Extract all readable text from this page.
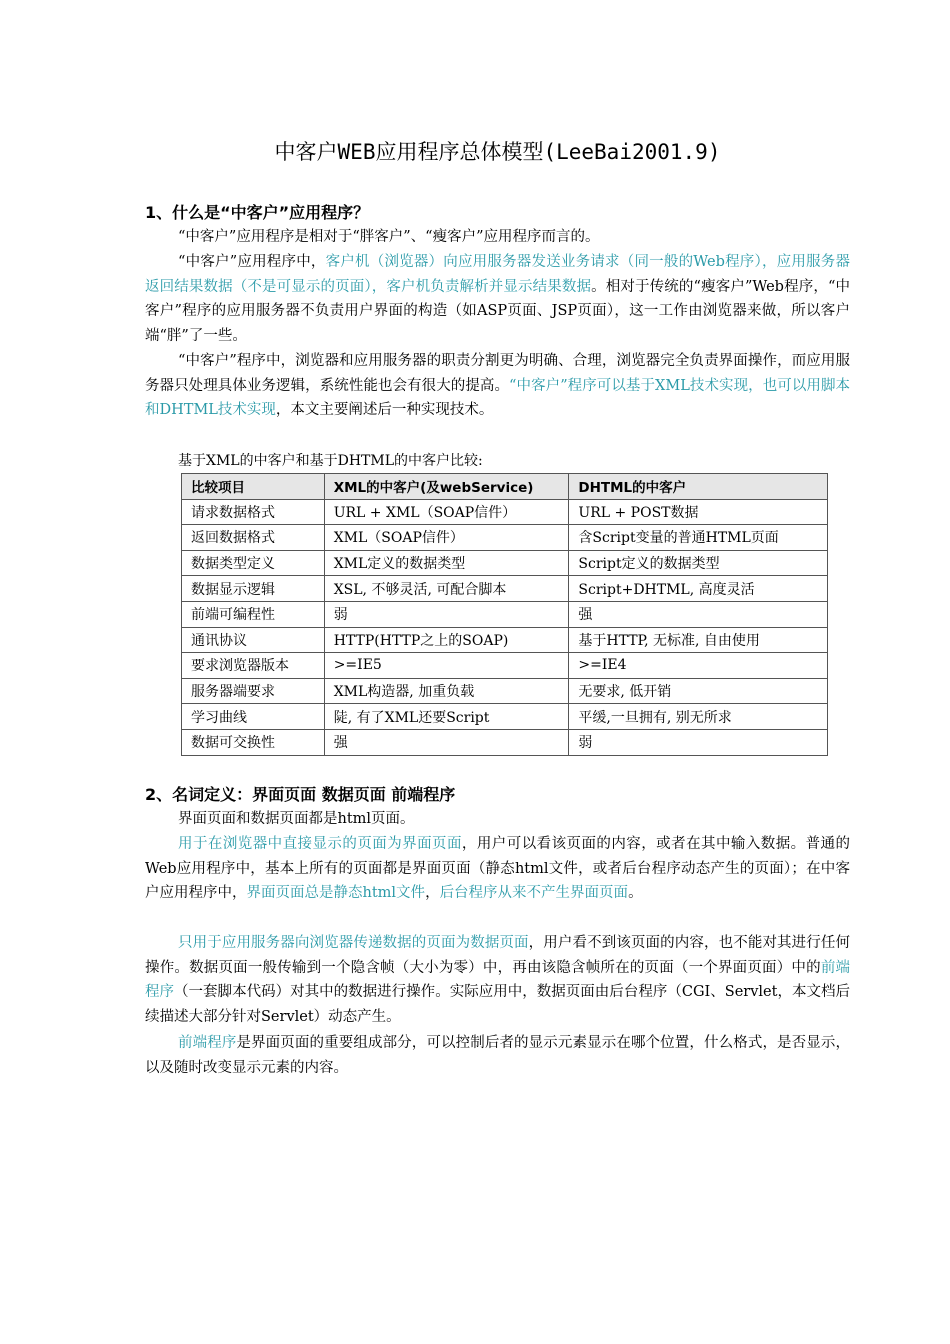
中客户WEB应用程序总体模型(LeeBai2001.9)
1、什么是“中客户”应用程序？
“中客户”应用程序是相对于“胖客户”、“瘦客户”应用程序而言的。
“中客户”应用程序中，客户机（浏览器）向应用服务器发送业务请求（同一般的Web程序），应用服务器返回结果数据（不是可显示的页面），客户机负责解析并显示结果数据。相对于传统的“瘦客户”Web程序，“中客户”程序的应用服务器不负责用户界面的构造（如ASP页面、JSP页面），这一工作由浏览器来做，所以客户端“胖”了一些。
“中客户”程序中，浏览器和应用服务器的职责分割更为明确、合理，浏览器完全负责界面操作，而应用服务器只处理具体业务逻辑，系统性能也会有很大的提高。“中客户”程序可以基于XML技术实现，也可以用脚本和DHTML技术实现，本文主要阐述后一种实现技术。
基于XML的中客户和基于DHTML的中客户比较:
比较项目	XML的中客户(及webService)	DHTML的中客户
请求数据格式	URL + XML（SOAP信件）	URL + POST数据
返回数据格式	XML（SOAP信件）	含Script变量的普通HTML页面
数据类型定义	XML定义的数据类型	Script定义的数据类型
数据显示逻辑	XSL, 不够灵活, 可配合脚本	Script+DHTML, 高度灵活
前端可编程性	弱	强
通讯协议	HTTP(HTTP之上的SOAP)	基于HTTP, 无标准, 自由使用
要求浏览器版本	>=IE5	>=IE4
服务器端要求	XML构造器, 加重负载	无要求, 低开销
学习曲线	陡, 有了XML还要Script	平缓,一旦拥有, 别无所求
数据可交换性	强	弱
2、名词定义：界面页面 数据页面 前端程序
界面页面和数据页面都是html页面。
用于在浏览器中直接显示的页面为界面页面，用户可以看该页面的内容，或者在其中输入数据。普通的Web应用程序中，基本上所有的页面都是界面页面（静态html文件，或者后台程序动态产生的页面）；在中客户应用程序中，界面页面总是静态html文件，后台程序从来不产生界面页面。
只用于应用服务器向浏览器传递数据的页面为数据页面，用户看不到该页面的内容，也不能对其进行任何操作。数据页面一般传输到一个隐含帧（大小为零）中，再由该隐含帧所在的页面（一个界面页面）中的前端程序（一套脚本代码）对其中的数据进行操作。实际应用中，数据页面由后台程序（CGI、Servlet，本文档后续描述大部分针对Servlet）动态产生。
前端程序是界面页面的重要组成部分，可以控制后者的显示元素显示在哪个位置，什么格式，是否显示，以及随时改变显示元素的内容。
